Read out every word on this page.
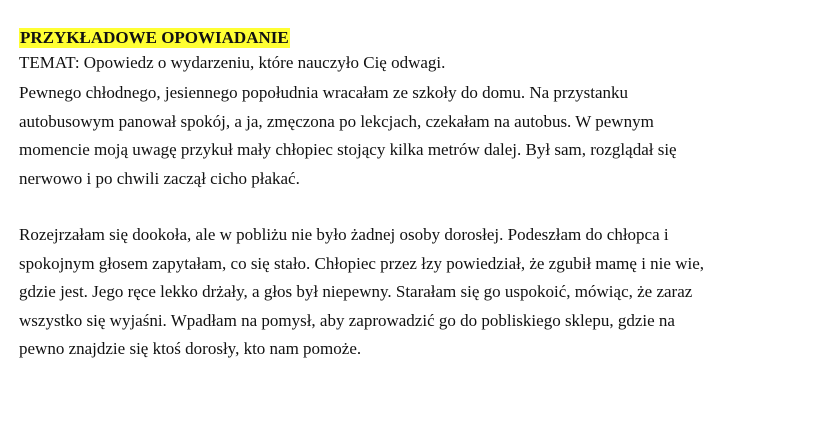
PRZYKŁADOWE OPOWIADANIE
TEMAT: Opowiedz o wydarzeniu, które nauczyło Cię odwagi.

Pewnego chłodnego, jesiennego popołudnia wracałam ze szkoły do domu. Na przystanku
autobusowym panował spokój, a ja, zmęczona po lekcjach, czekałam na autobus. W pewnym
momencie moją uwagę przykuł mały chłopiec stojący kilka metrów dalej. Był sam, rozglądał się
nerwowo i po chwili zaczął cicho płakać.

Rozejrzałam się dookoła, ale w pobliżu nie było żadnej osoby dorosłej. Podeszłam do chłopca i
spokojnym głosem zapytałam, co się stało. Chłopiec przez łzy powiedział, że zgubił mamę i nie wie,
gdzie jest. Jego ręce lekko drżały, a głos był niepewny. Starałam się go uspokoić, mówiąc, że zaraz
wszystko się wyjaśni. Wpadłam na pomysł, aby zaprowadzić go do pobliskiego sklepu, gdzie na
pewno znajdzie się ktoś dorosły, kto nam pomoże.
